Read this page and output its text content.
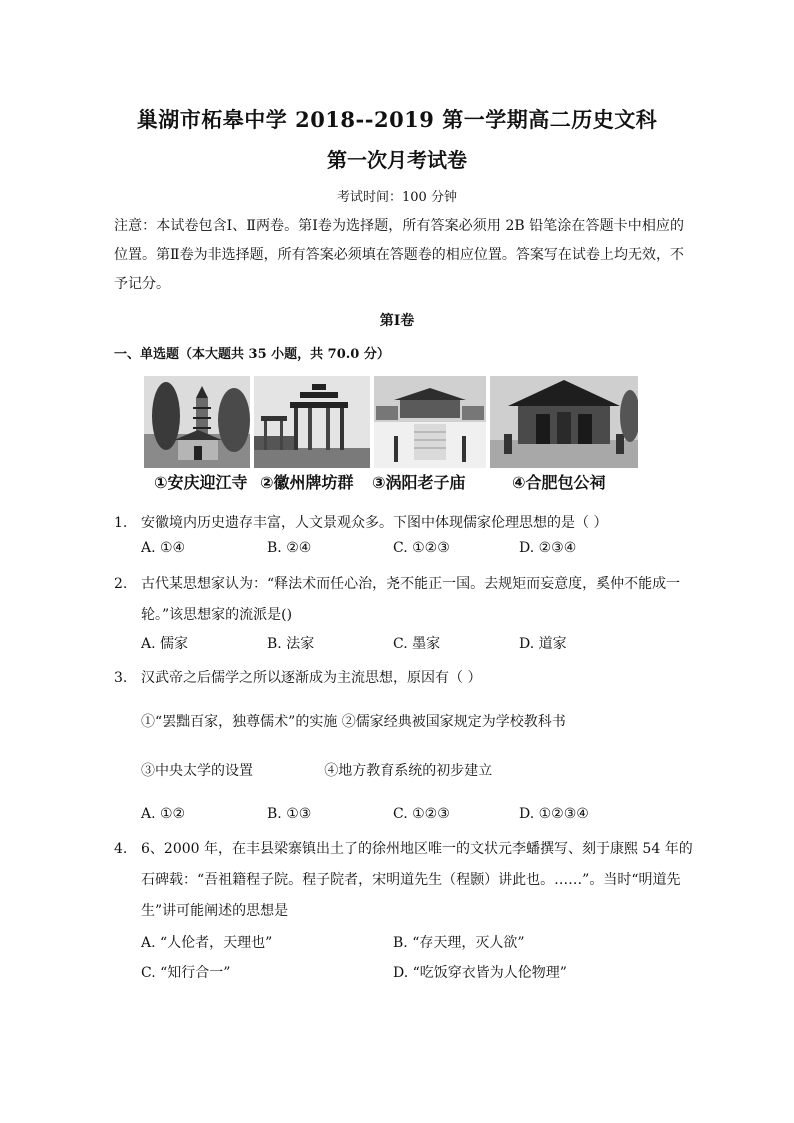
巢湖市柘皋中学 2018--2019 第一学期高二历史文科
第一次月考试卷
考试时间：100 分钟
注意：本试卷包含Ⅰ、Ⅱ两卷。第Ⅰ卷为选择题，所有答案必须用 2B 铅笔涂在答题卡中相应的位置。第Ⅱ卷为非选择题，所有答案必须填在答题卷的相应位置。答案写在试卷上均无效，不予记分。
第Ⅰ卷
一、单选题（本大题共 35 小题，共 70.0 分）
①安庆迎江寺 ②徽州牌坊群 ③涡阳老子庙	④合肥包公祠
1. 安徽境内历史遗存丰富，人文景观众多。下图中体现儒家伦理思想的是（ ）
A. ①④	B. ②④	C. ①②③	D. ②③④
2. 古代某思想家认为：“释法术而任心治，尧不能正一国。去规矩而妄意度，奚仲不能成一轮。”该思想家的流派是()
A. 儒家	B. 法家	C. 墨家	D. 道家
3. 汉武帝之后儒学之所以逐渐成为主流思想，原因有（ ）
①“罢黜百家，独尊儒术”的实施 ②儒家经典被国家规定为学校教科书
③中央太学的设置                ④地方教育系统的初步建立
A. ①②	B. ①③	C. ①②③	D. ①②③④
4. 6、2000 年，在丰县梁寨镇出土了的徐州地区唯一的文状元李蟠撰写、刻于康熙 54 年的石碑载：“吾祖籍程子院。程子院者，宋明道先生（程颢）讲此也。……”。当时“明道先生”讲可能阐述的思想是
A. “人伦者，天理也”	B. “存天理，灭人欲”
C. “知行合一”	D. “吃饭穿衣皆为人伦物理”
